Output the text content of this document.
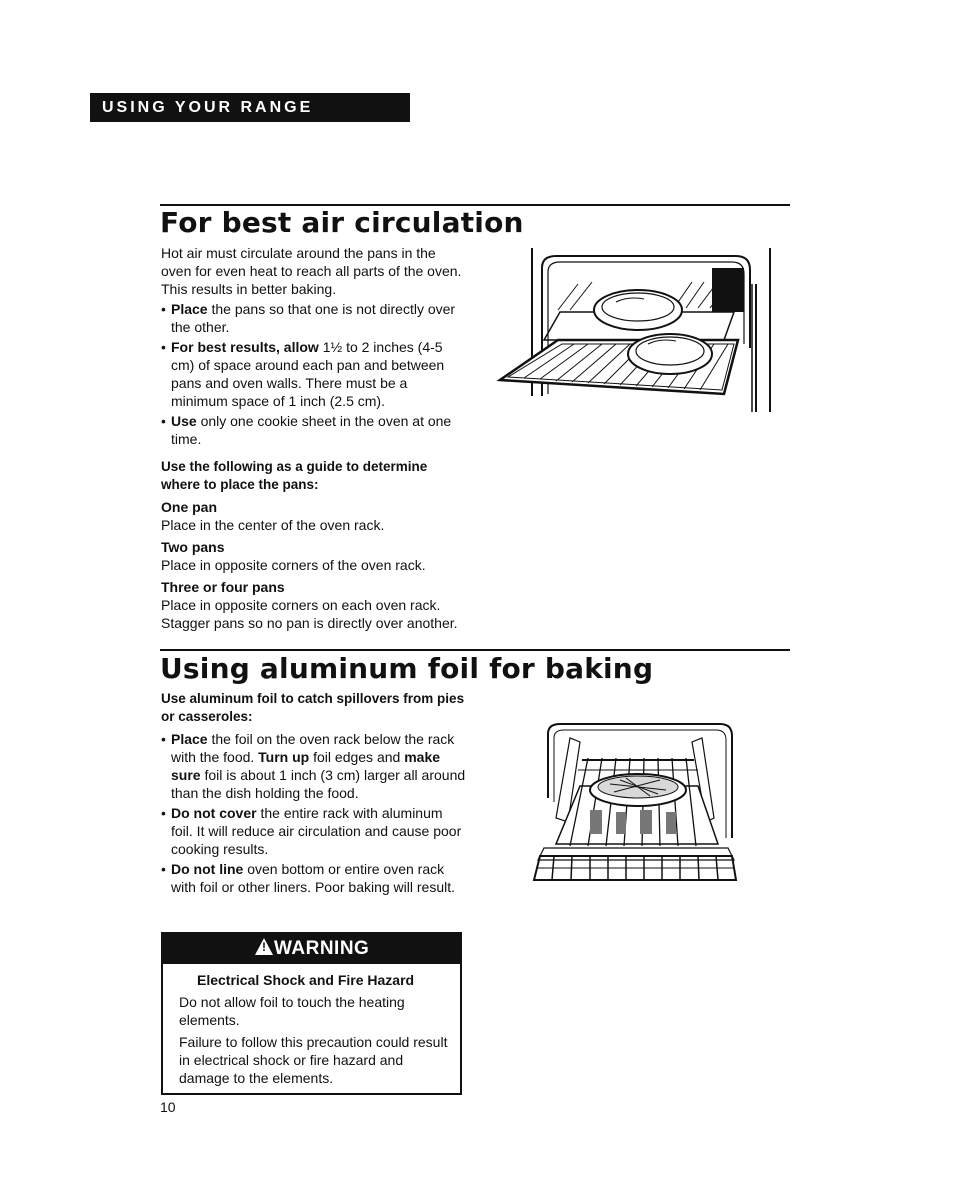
USING YOUR RANGE
For best air circulation

Hot air must circulate around the pans in the oven for even heat to reach all parts of the oven. This results in better baking.

• Place the pans so that one is not directly over the other.

• For best results, allow 1½ to 2 inches (4-5 cm) of space around each pan and between pans and oven walls. There must be a minimum space of 1 inch (2.5 cm).

• Use only one cookie sheet in the oven at one time.

Use the following as a guide to determine where to place the pans:

One pan

Place in the center of the oven rack.

Two pans

Place in opposite corners of the oven rack.

Three or four pans

Place in opposite corners on each oven rack. Stagger pans so no pan is directly over another.

Using aluminum foil for baking

Use aluminum foil to catch spillovers from pies or casseroles:

• Place the foil on the oven rack below the rack with the food. Turn up foil edges and make sure foil is about 1 inch (3 cm) larger all around than the dish holding the food.

• Do not cover the entire rack with aluminum foil. It will reduce air circulation and cause poor cooking results.

• Do not line oven bottom or entire oven rack with foil or other liners. Poor baking will result.

! WARNING

Electrical Shock and Fire Hazard

Do not allow foil to touch the heating elements.

Failure to follow this precaution could result in electrical shock or fire hazard and damage to the elements.

10
